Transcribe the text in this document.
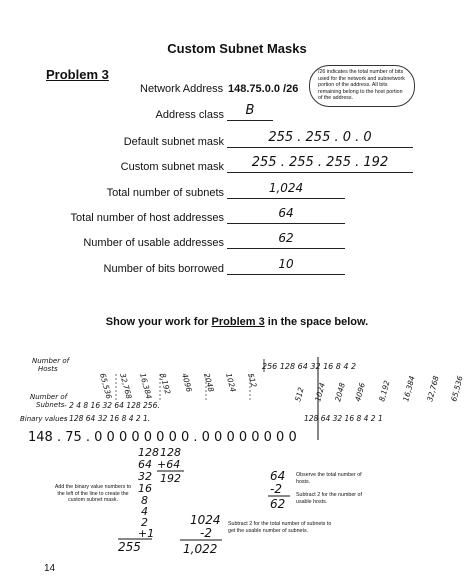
Custom Subnet Masks
Problem 3
Network Address 148.75.0.0 /26
/26 indicates the total number of bits used for the network and subnetwork portion of the address. All bits remaining belong to the host portion of the address.
Address class	B
Default subnet mask	255 . 255 . 0 . 0
Custom subnet mask	255 . 255 . 255 . 192
Total number of subnets	1,024
Total number of host addresses	64
Number of usable addresses	62
Number of bits borrowed	10
Show your work for Problem 3 in the space below.
Number of
Hosts
Number of
Subnets
Binary values
65,536 32,768 16,384 8,192 4096 2048 1024 512
512 1024 2048 4096 8,192 16,384 32,768 65,536
256 128 64 32 16 8 4 2
- 2 4 8 16 32 64 128 256.
- 128 64 32 16 8 4 2 1.	128 64 32 16 8 4 2 1
148 . 75 . 0 0 0 0 0 0 0 0 . 0 0 0 0 0 0 0 0
128
64
32
16
8
4
2
+1
255
128
+64
192	64
-2
62
1024
-2
1,022
Add the binary value numbers to the left of the line to create the custom subnet mask.
Observe the total number of hosts.
Subtract 2 for the number of usable hosts.
Subtract 2 for the total number of subnets to get the usable number of subnets.
14
